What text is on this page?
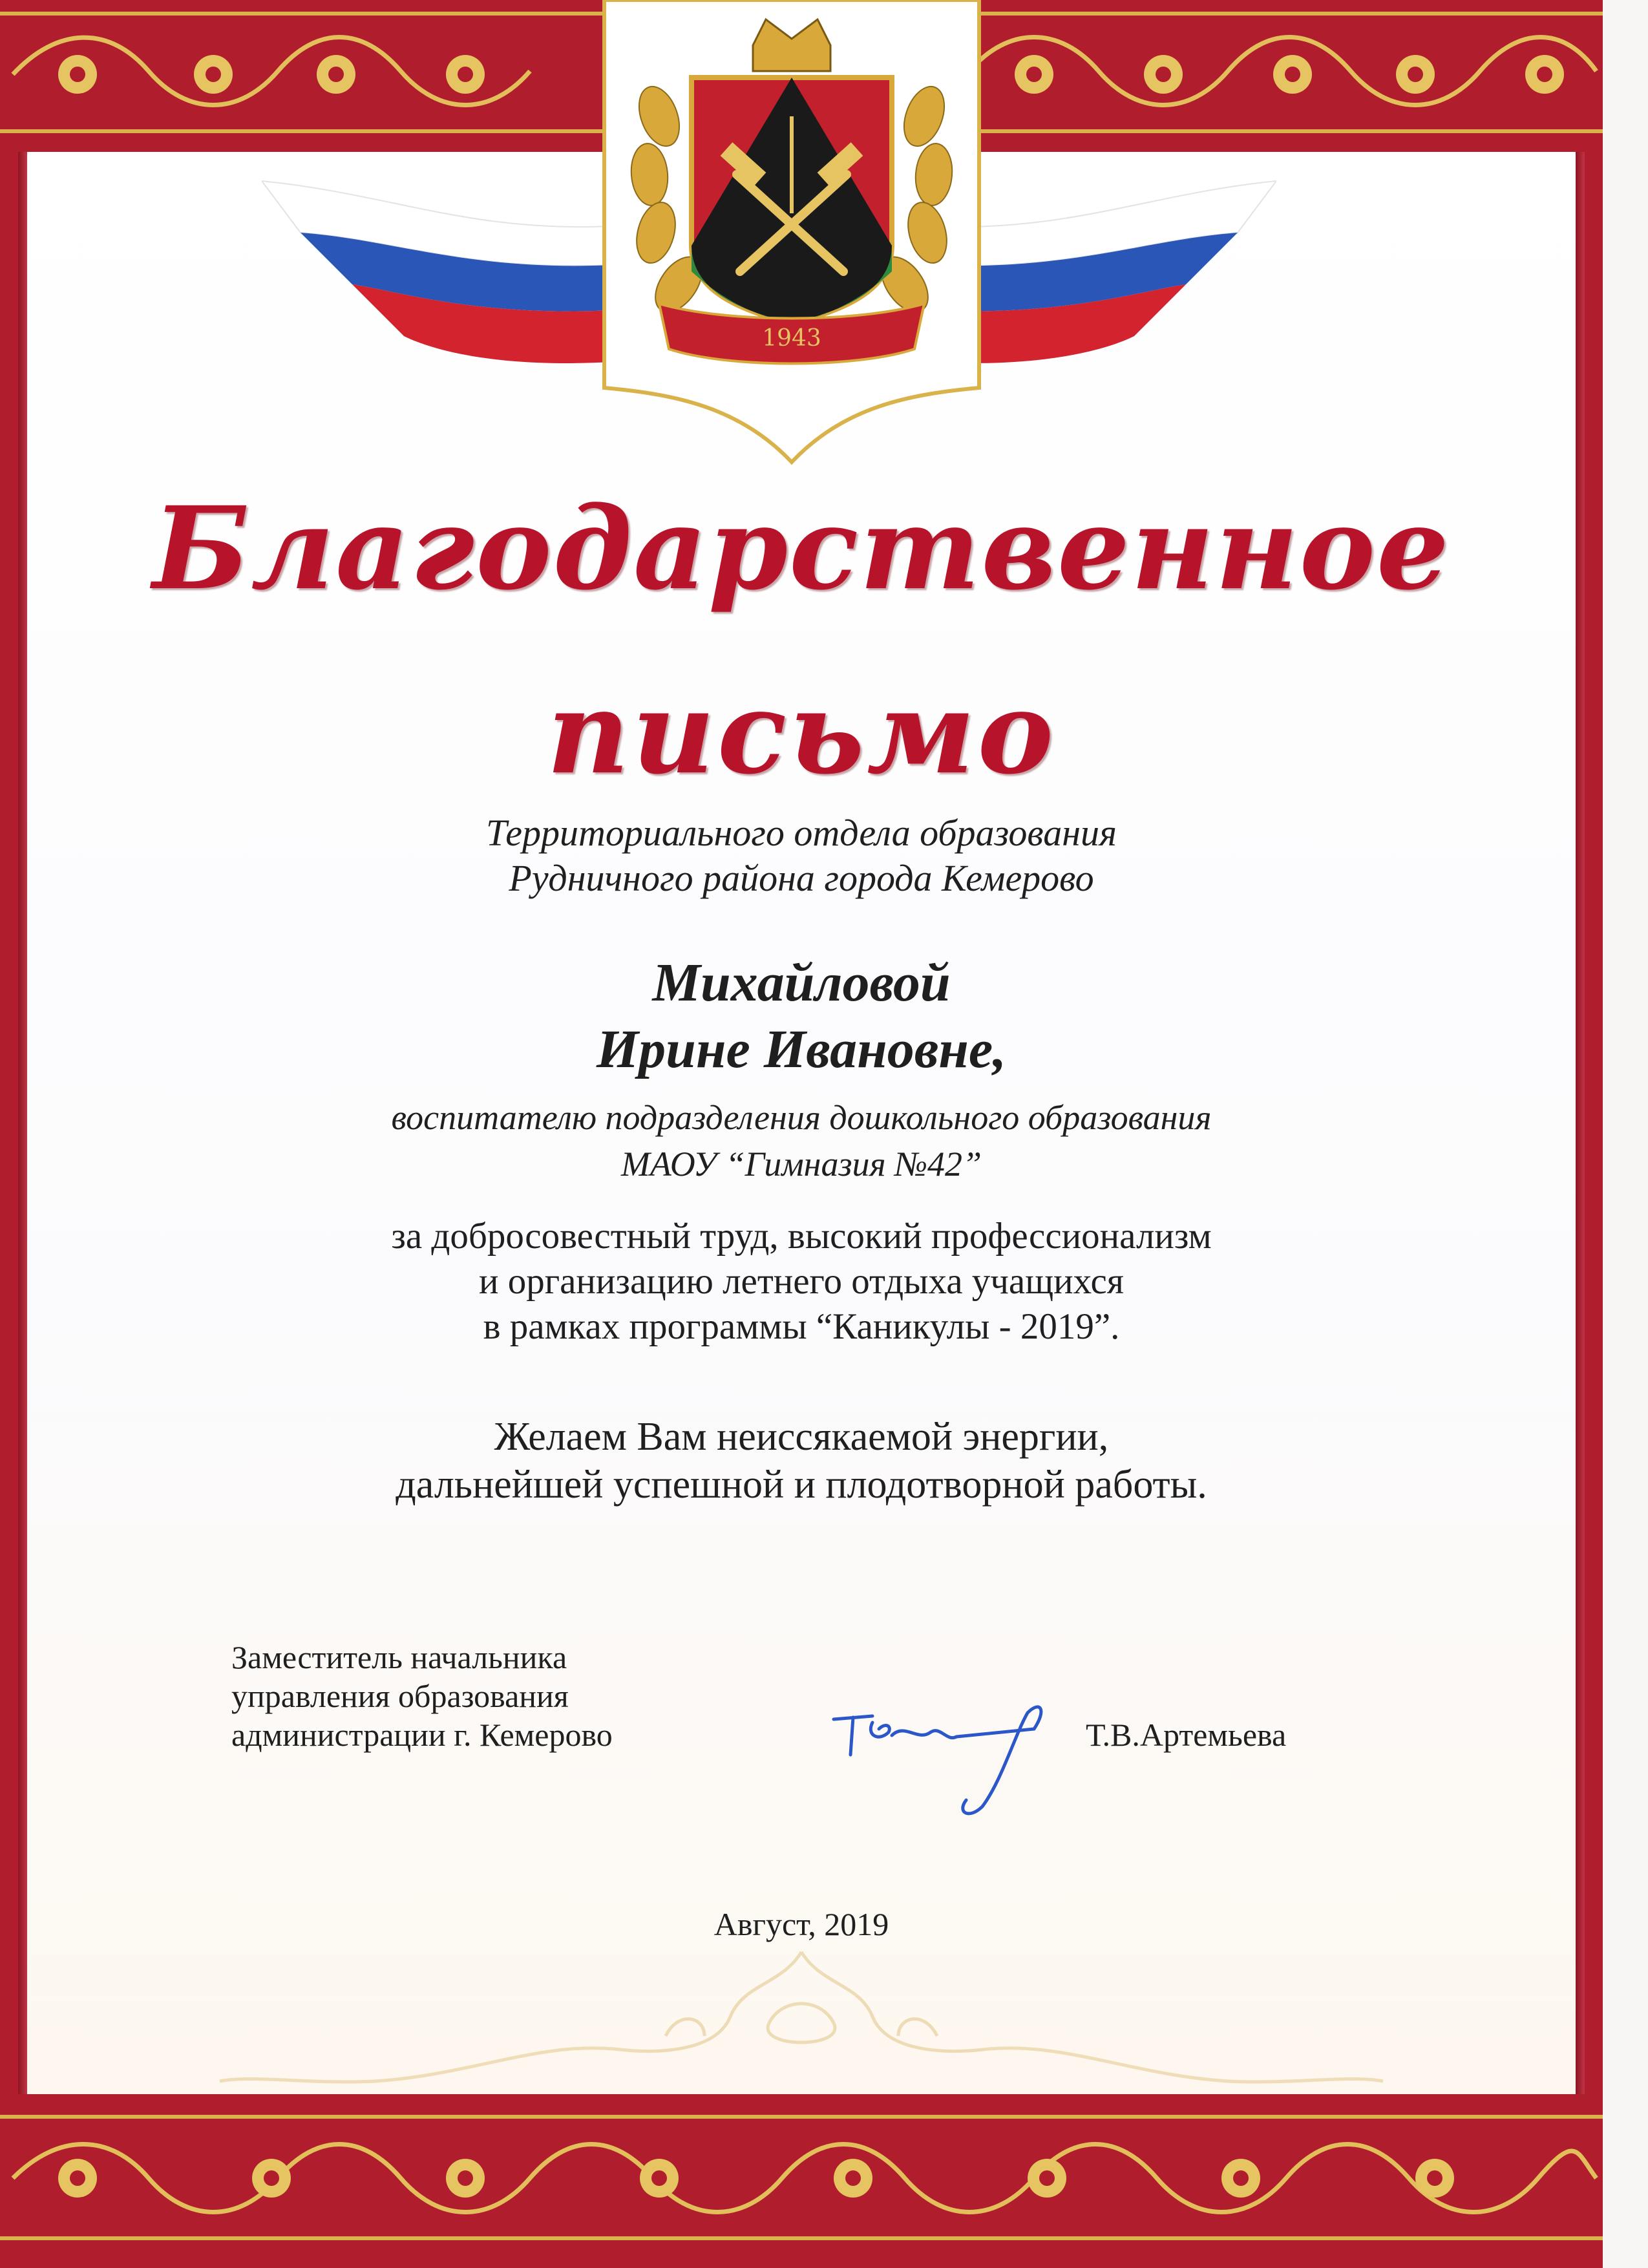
1943

Благодарственное

письмо

Территориального отдела образования

Рудничного района города Кемерово

Михайловой

Ирине Ивановне,

воспитателю подразделения дошкольного образования

МАОУ “Гимназия №42”

за добросовестный труд, высокий профессионализм

и организацию летнего отдыха учащихся

в рамках программы “Каникулы - 2019”.

Желаем Вам неиссякаемой энергии,

дальнейшей успешной и плодотворной работы.

Заместитель начальника

управления образования

администрации г. Кемерово	Т.В.Артемьева

Август, 2019
